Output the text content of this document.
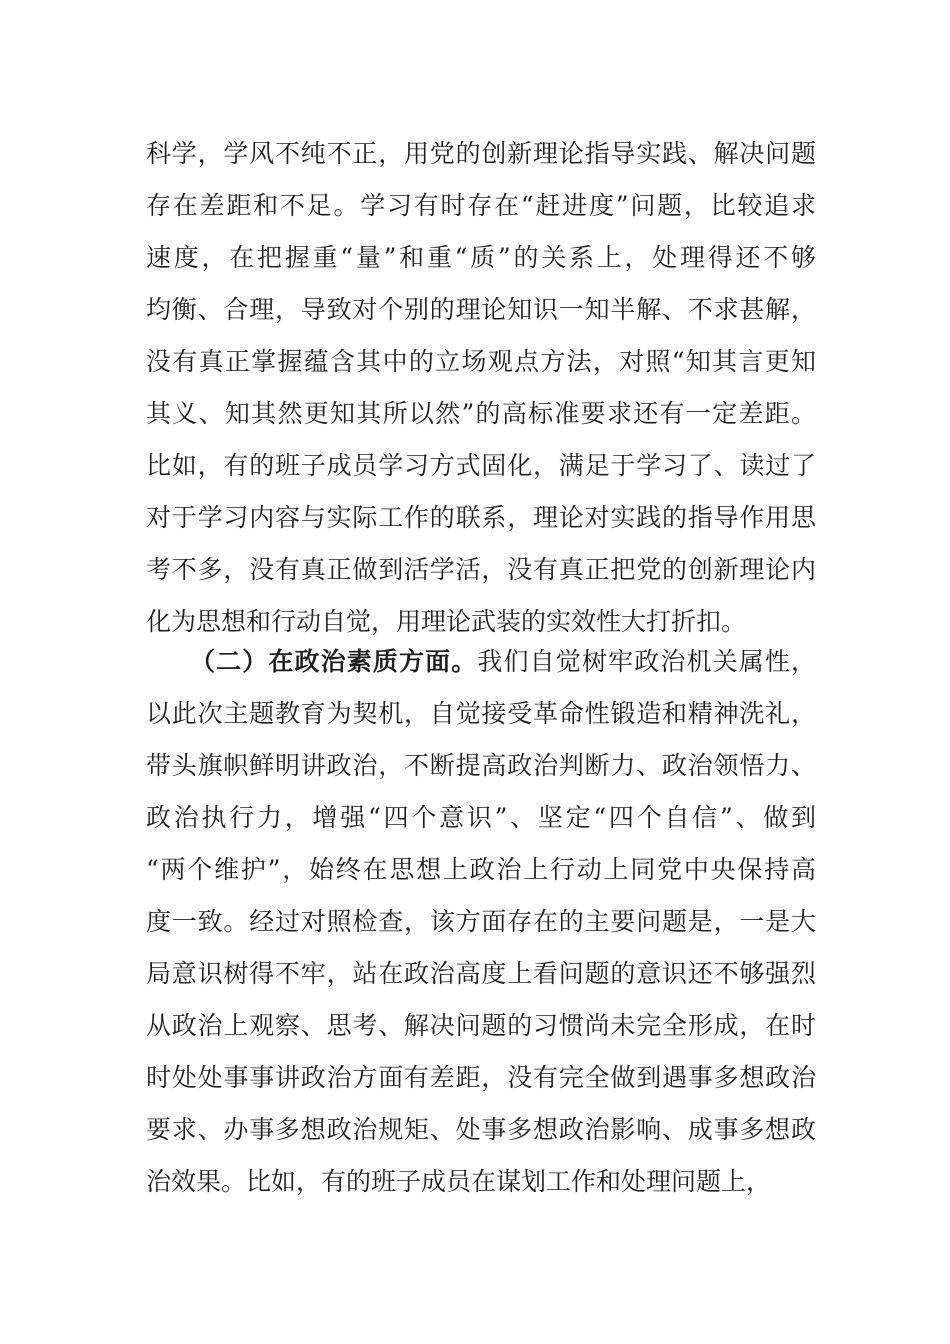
科学，学风不纯不正，用党的创新理论指导实践、解决问题
存在差距和不足。学习有时存在“赶进度”问题，比较追求
速度，在把握重“量”和重“质”的关系上，处理得还不够
均衡、合理，导致对个别的理论知识一知半解、不求甚解，
没有真正掌握蕴含其中的立场观点方法，对照“知其言更知
其义、知其然更知其所以然”的高标准要求还有一定差距。
比如，有的班子成员学习方式固化，满足于学习了、读过了
对于学习内容与实际工作的联系，理论对实践的指导作用思
考不多，没有真正做到活学活，没有真正把党的创新理论内
化为思想和行动自觉，用理论武装的实效性大打折扣。
（二）在政治素质方面。我们自觉树牢政治机关属性，
以此次主题教育为契机，自觉接受革命性锻造和精神洗礼，
带头旗帜鲜明讲政治，不断提高政治判断力、政治领悟力、
政治执行力，增强“四个意识”、坚定“四个自信”、做到
“两个维护”，始终在思想上政治上行动上同党中央保持高
度一致。经过对照检查，该方面存在的主要问题是，一是大
局意识树得不牢，站在政治高度上看问题的意识还不够强烈
从政治上观察、思考、解决问题的习惯尚未完全形成，在时
时处处事事讲政治方面有差距，没有完全做到遇事多想政治
要求、办事多想政治规矩、处事多想政治影响、成事多想政
治效果。比如，有的班子成员在谋划工作和处理问题上，
